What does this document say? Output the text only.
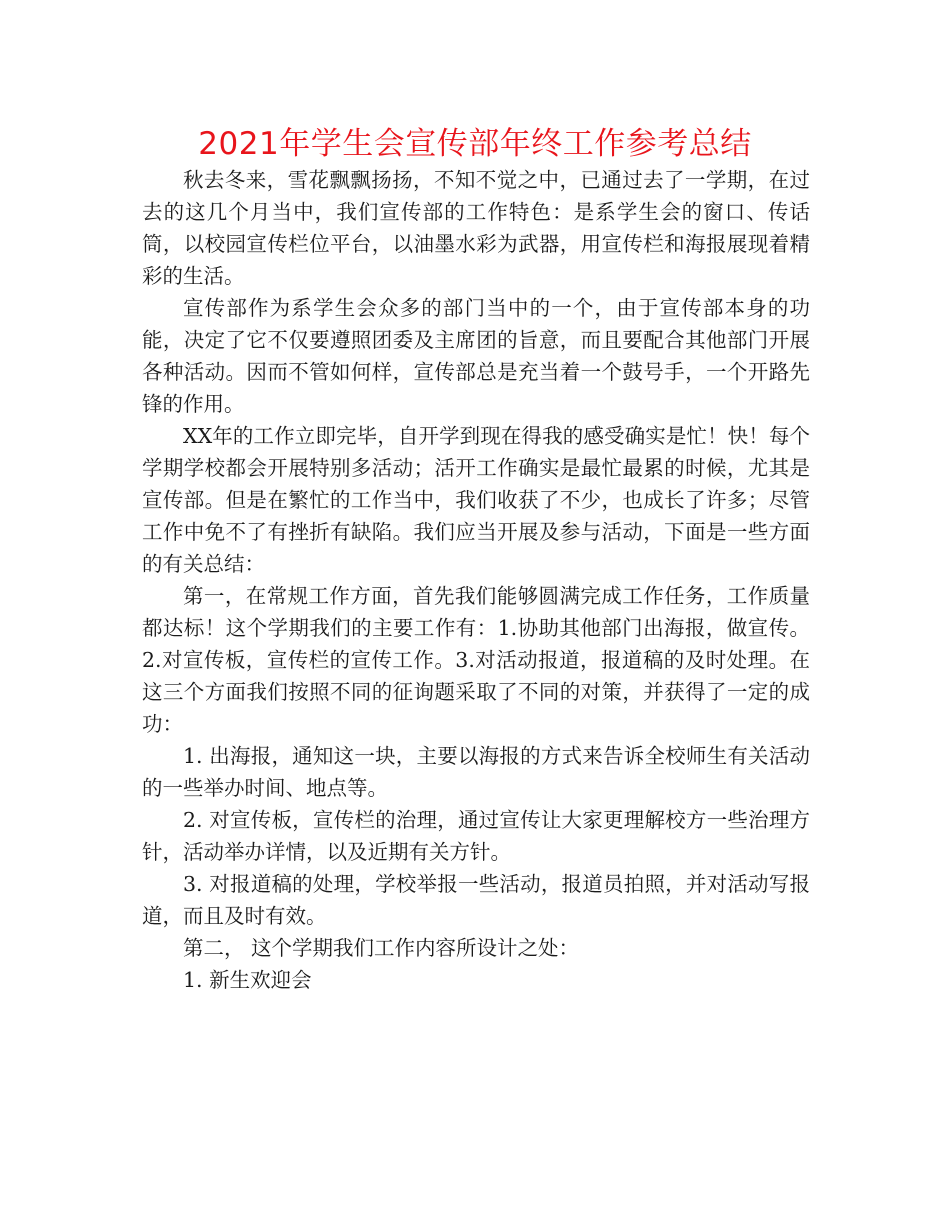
2021年学生会宣传部年终工作参考总结

秋去冬来，雪花飘飘扬扬，不知不觉之中，已通过去了一学期，在过去的这几个月当中，我们宣传部的工作特色：是系学生会的窗口、传话筒，以校园宣传栏位平台，以油墨水彩为武器，用宣传栏和海报展现着精彩的生活。

宣传部作为系学生会众多的部门当中的一个，由于宣传部本身的功能，决定了它不仅要遵照团委及主席团的旨意，而且要配合其他部门开展各种活动。因而不管如何样，宣传部总是充当着一个鼓号手，一个开路先锋的作用。

XX年的工作立即完毕，自开学到现在得我的感受确实是忙！快！每个学期学校都会开展特别多活动；活开工作确实是最忙最累的时候，尤其是宣传部。但是在繁忙的工作当中，我们收获了不少，也成长了许多；尽管工作中免不了有挫折有缺陷。我们应当开展及参与活动，下面是一些方面的有关总结：

第一，在常规工作方面，首先我们能够圆满完成工作任务，工作质量都达标！这个学期我们的主要工作有：1.协助其他部门出海报，做宣传。2.对宣传板，宣传栏的宣传工作。3.对活动报道，报道稿的及时处理。在这三个方面我们按照不同的征询题采取了不同的对策，并获得了一定的成功：

1. 出海报，通知这一块，主要以海报的方式来告诉全校师生有关活动的一些举办时间、地点等。

2. 对宣传板，宣传栏的治理，通过宣传让大家更理解校方一些治理方针，活动举办详情，以及近期有关方针。

3. 对报道稿的处理，学校举报一些活动，报道员拍照，并对活动写报道，而且及时有效。

第二， 这个学期我们工作内容所设计之处：

1. 新生欢迎会
